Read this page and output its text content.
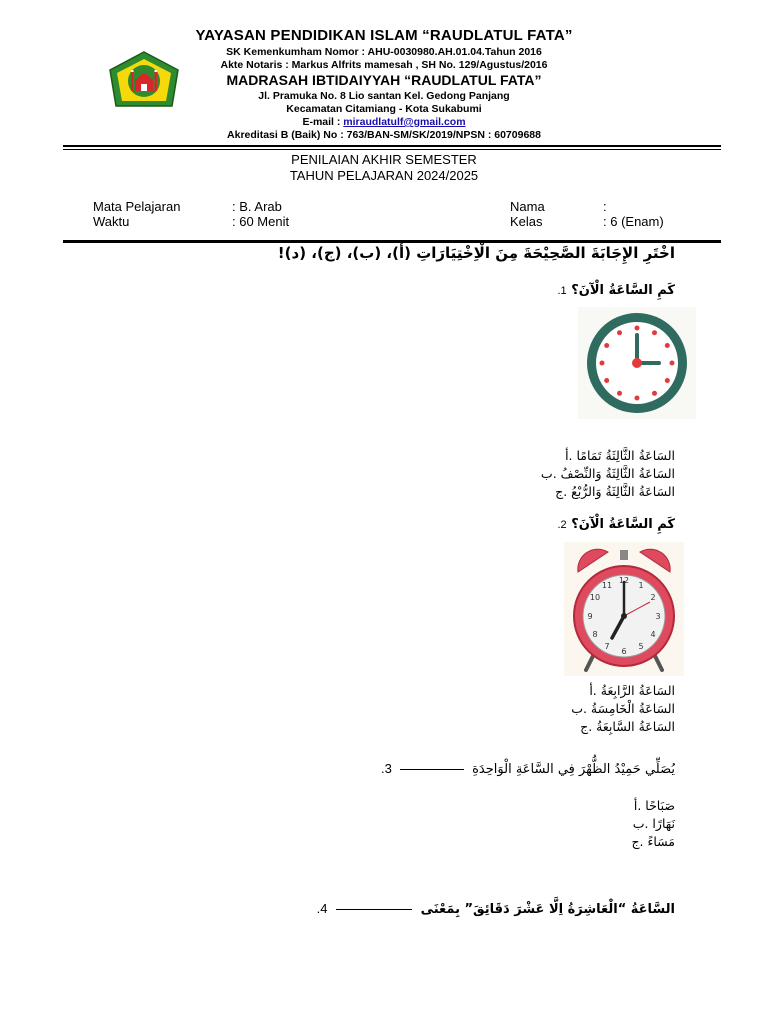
YAYASAN PENDIDIKAN ISLAM “RAUDLATUL FATA”
SK Kemenkumham Nomor : AHU-0030980.AH.01.04.Tahun 2016
Akte Notaris : Markus Alfrits mamesah , SH No. 129/Agustus/2016
MADRASAH IBTIDAIYYAH “RAUDLATUL FATA”
Jl. Pramuka No. 8 Lio santan Kel. Gedong Panjang
Kecamatan Citamiang - Kota Sukabumi
E-mail : miraudlatulf@gmail.com
Akreditasi B (Baik) No : 763/BAN-SM/SK/2019/NPSN : 60709688
PENILAIAN AKHIR SEMESTER
TAHUN PELAJARAN 2024/2025
Mata Pelajaran	: B. Arab
Waktu	: 60 Menit
Nama	:
Kelas	: 6 (Enam)
اخْتَرِ الإِجَابَةَ الصَّحِيْحَةَ مِنَ الْاِخْتِيَارَاتِ (أ)، (ب)، (ج)، (د)!
كَمِ السَّاعَةُ الْآنَ؟ 1.
السَاعَةُ الثَّالِثَةُ تَمَامًا .أ
السَاعَةُ الثَّالِثَةُ وَالنِّصْفُ .ب
السَاعَةُ الثَّالِثَةُ وَالرُّبْعُ .ج
كَمِ السَّاعَةُ الْآنَ؟ 2.
12
1
2
3
4
5
6
7
8
9
10
11
السَاعَةُ الرَّابِعَةُ .أ
السَاعَةُ الْخَامِسَةُ .ب
السَاعَةُ السَّابِعَةُ .ج
يُصَلِّي حَمِيْدُ الظُّهْرَ فِي السَّاعَةِ الْوَاحِدَةِ  3.
صَبَاحًا .أ
نَهَارًا .ب
مَسَاءً .ج
السَّاعَةُ “الْعَاشِرَةُ اِلَّا عَشْرَ دَقَائِقَ” بِمَعْنَى  4.
